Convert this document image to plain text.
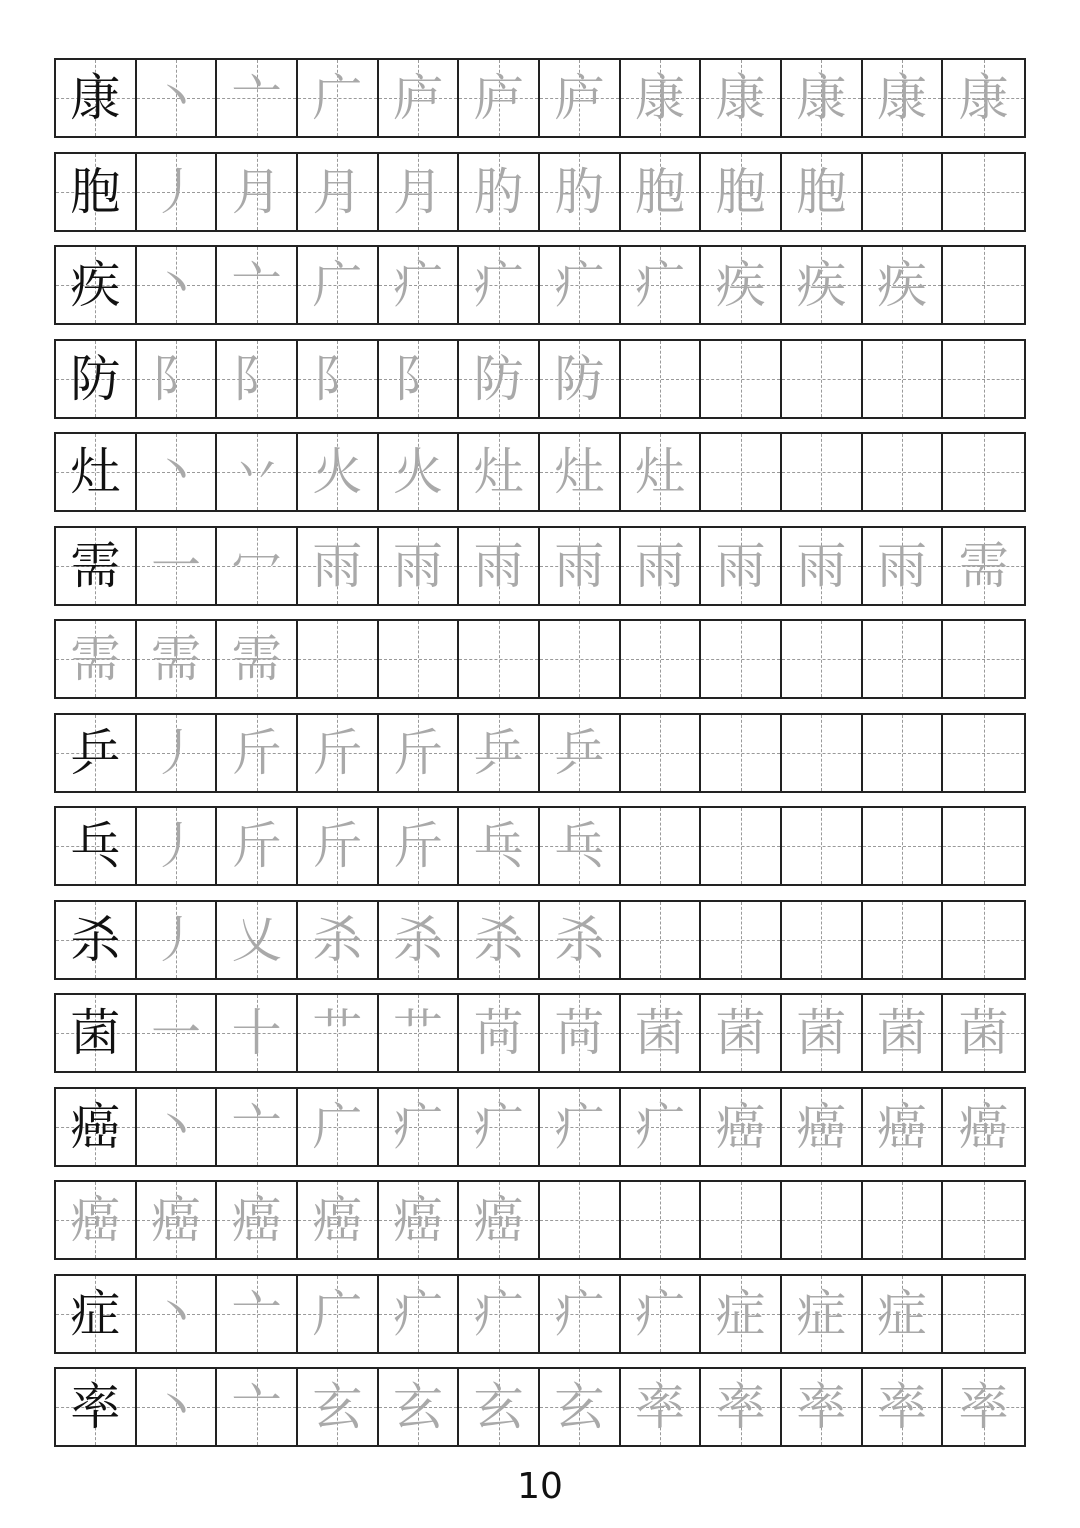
康 丶 亠 广 庐 庐 庐 康 康 康 康 康
胞 丿 月 月 月 肑 肑 胞 胞 胞
疾 丶 亠 广 疒 疒 疒 疒 疾 疾 疾
防 阝 阝 阝 阝 防 防
灶 丶 丷 火 火 灶 灶 灶
需 一 冖 雨 雨 雨 雨 雨 雨 雨 雨 需
需 需 需
乒 丿 斤 斤 斤 乒 乒
乓 丿 斤 斤 斤 乓 乓
杀 丿 乂 杀 杀 杀 杀
菌 一 十 艹 艹 苘 苘 菌 菌 菌 菌 菌
癌 丶 亠 广 疒 疒 疒 疒 癌 癌 癌 癌
癌 癌 癌 癌 癌 癌
症 丶 亠 广 疒 疒 疒 疒 症 症 症
率 丶 亠 玄 玄 玄 玄 率 率 率 率 率
10
